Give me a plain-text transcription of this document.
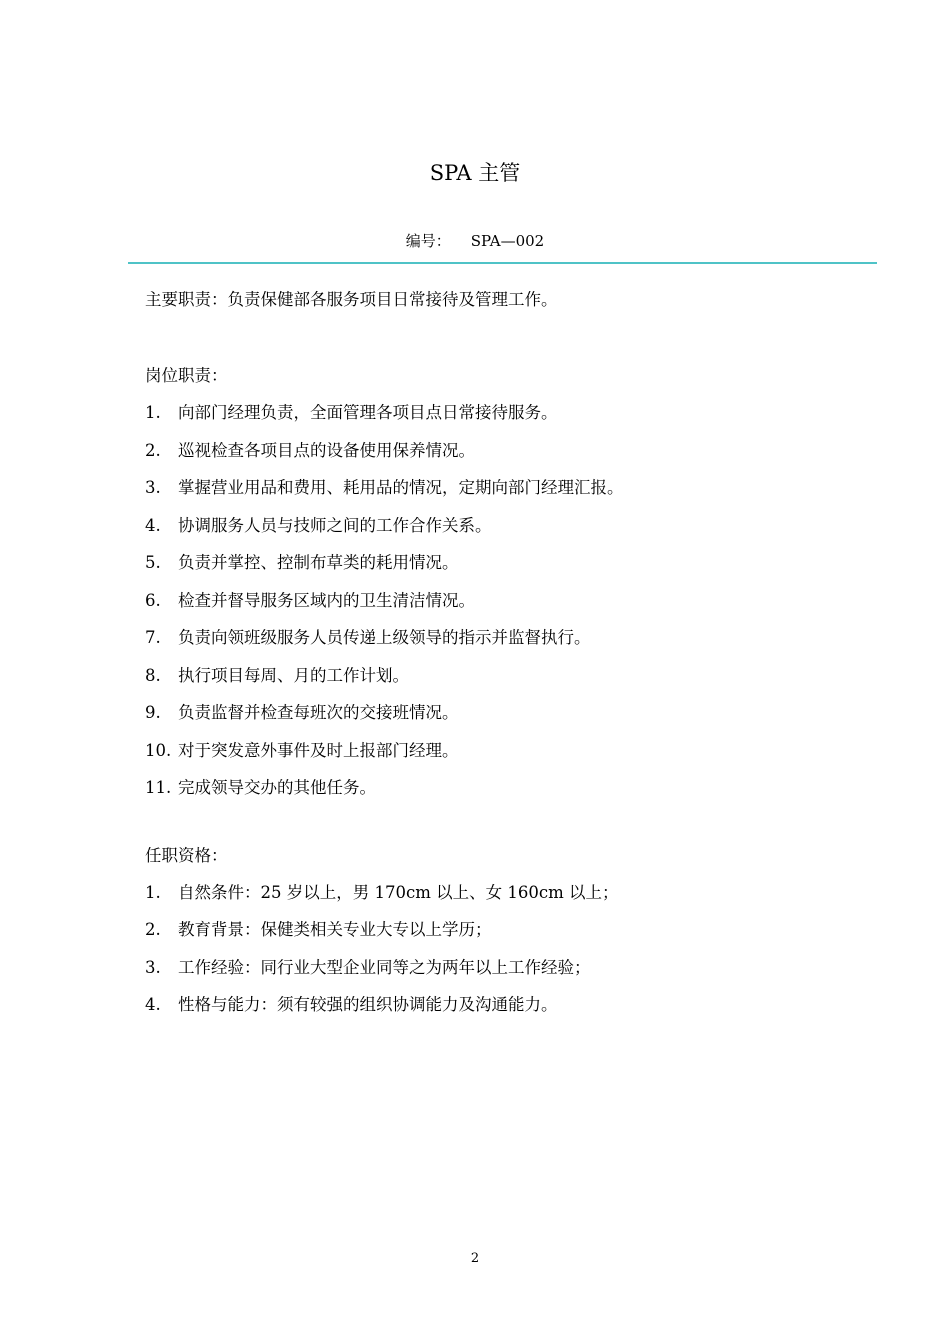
SPA 主管
编号： SPA—002
主要职责：负责保健部各服务项目日常接待及管理工作。
岗位职责：
1.	向部门经理负责，全面管理各项目点日常接待服务。
2.	巡视检查各项目点的设备使用保养情况。
3.	掌握营业用品和费用、耗用品的情况，定期向部门经理汇报。
4.	协调服务人员与技师之间的工作合作关系。
5.	负责并掌控、控制布草类的耗用情况。
6.	检查并督导服务区域内的卫生清洁情况。
7.	负责向领班级服务人员传递上级领导的指示并监督执行。
8.	执行项目每周、月的工作计划。
9.	负责监督并检查每班次的交接班情况。
10. 对于突发意外事件及时上报部门经理。
11. 完成领导交办的其他任务。
任职资格：
1.	自然条件：25 岁以上，男 170cm 以上、女 160cm 以上；
2.	教育背景：保健类相关专业大专以上学历；
3.	工作经验：同行业大型企业同等之为两年以上工作经验；
4.	性格与能力：须有较强的组织协调能力及沟通能力。
2
